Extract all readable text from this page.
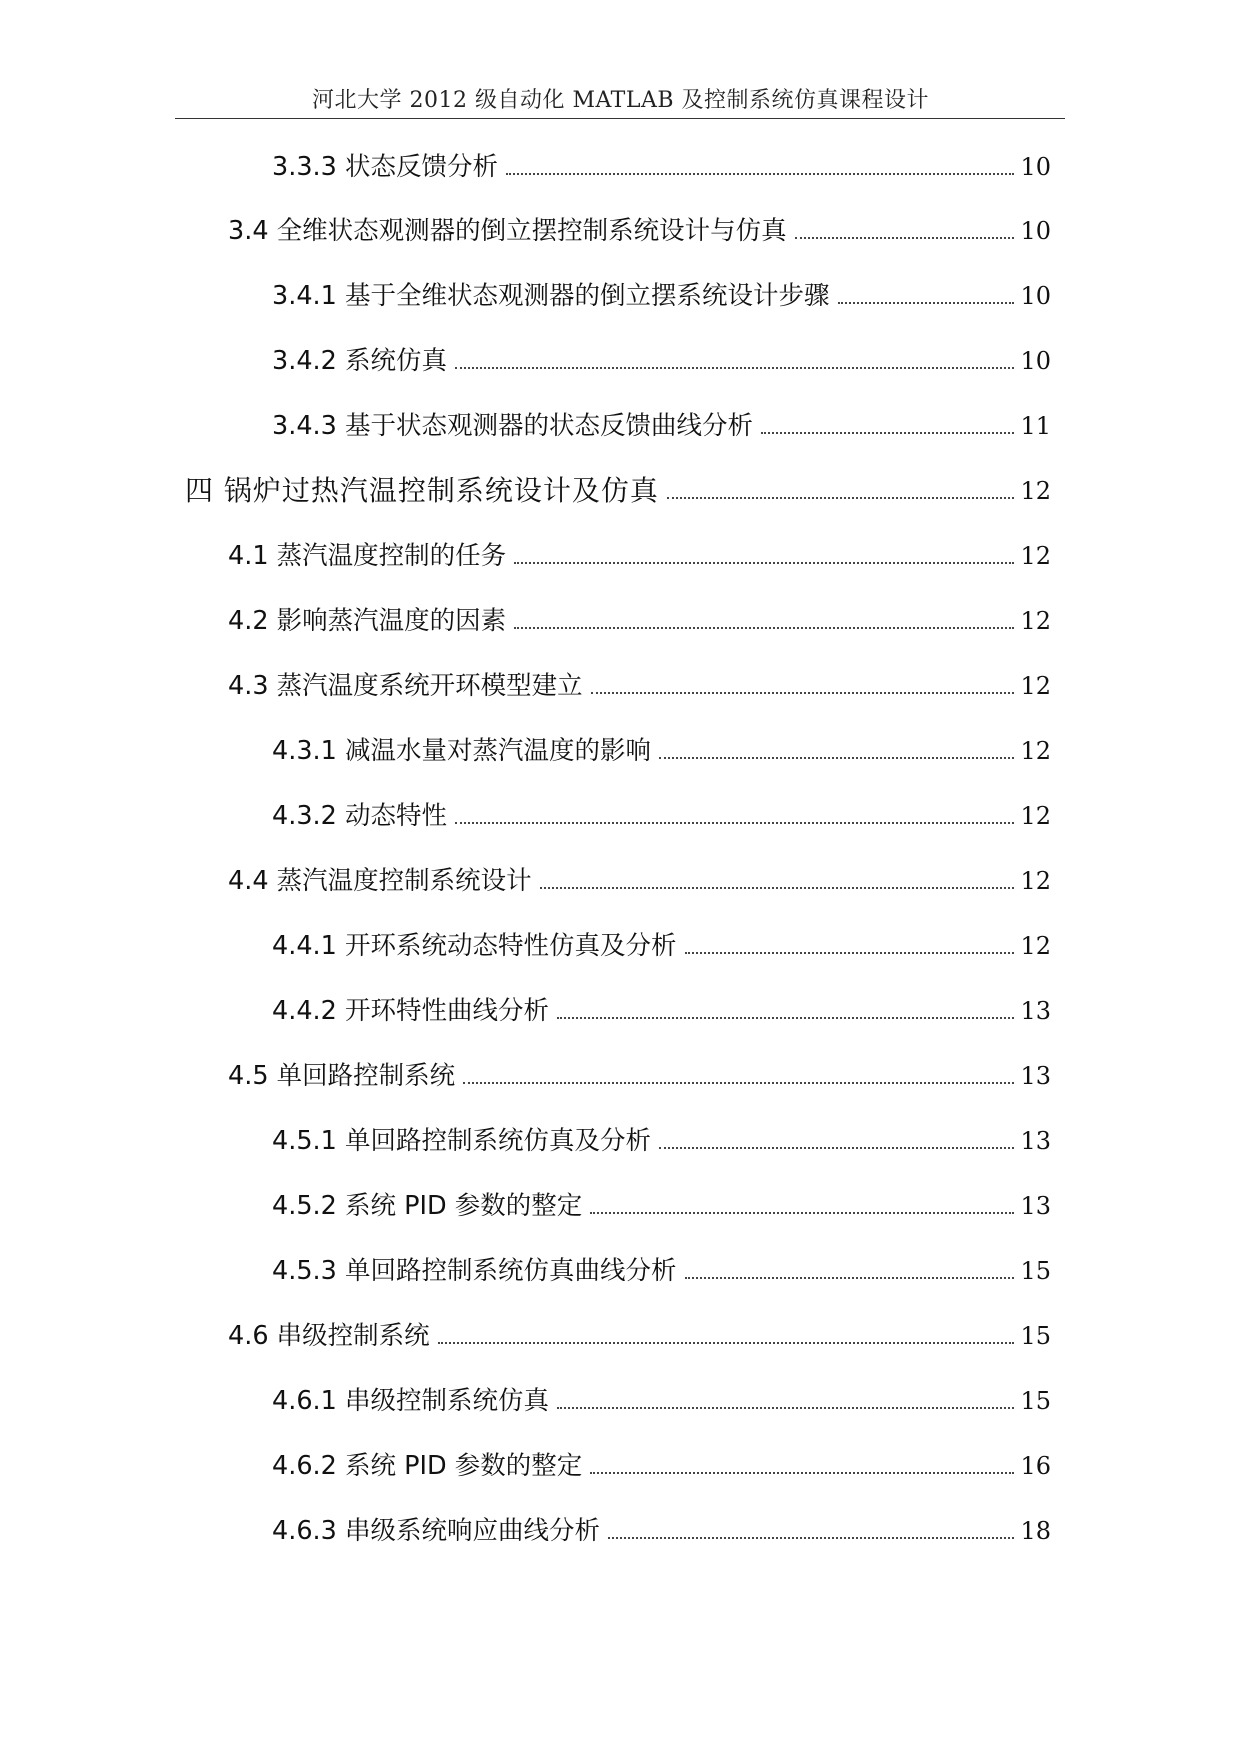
河北大学 2012 级自动化 MATLAB 及控制系统仿真课程设计
3.3.3 状态反馈分析	10
3.4 全维状态观测器的倒立摆控制系统设计与仿真	10
3.4.1 基于全维状态观测器的倒立摆系统设计步骤	10
3.4.2 系统仿真	10
3.4.3 基于状态观测器的状态反馈曲线分析	11
四 锅炉过热汽温控制系统设计及仿真	12
4.1 蒸汽温度控制的任务	12
4.2 影响蒸汽温度的因素	12
4.3 蒸汽温度系统开环模型建立	12
4.3.1 减温水量对蒸汽温度的影响	12
4.3.2 动态特性	12
4.4 蒸汽温度控制系统设计	12
4.4.1 开环系统动态特性仿真及分析	12
4.4.2 开环特性曲线分析	13
4.5 单回路控制系统	13
4.5.1 单回路控制系统仿真及分析	13
4.5.2 系统 PID 参数的整定	13
4.5.3 单回路控制系统仿真曲线分析	15
4.6 串级控制系统	15
4.6.1 串级控制系统仿真	15
4.6.2 系统 PID 参数的整定	16
4.6.3 串级系统响应曲线分析	18
